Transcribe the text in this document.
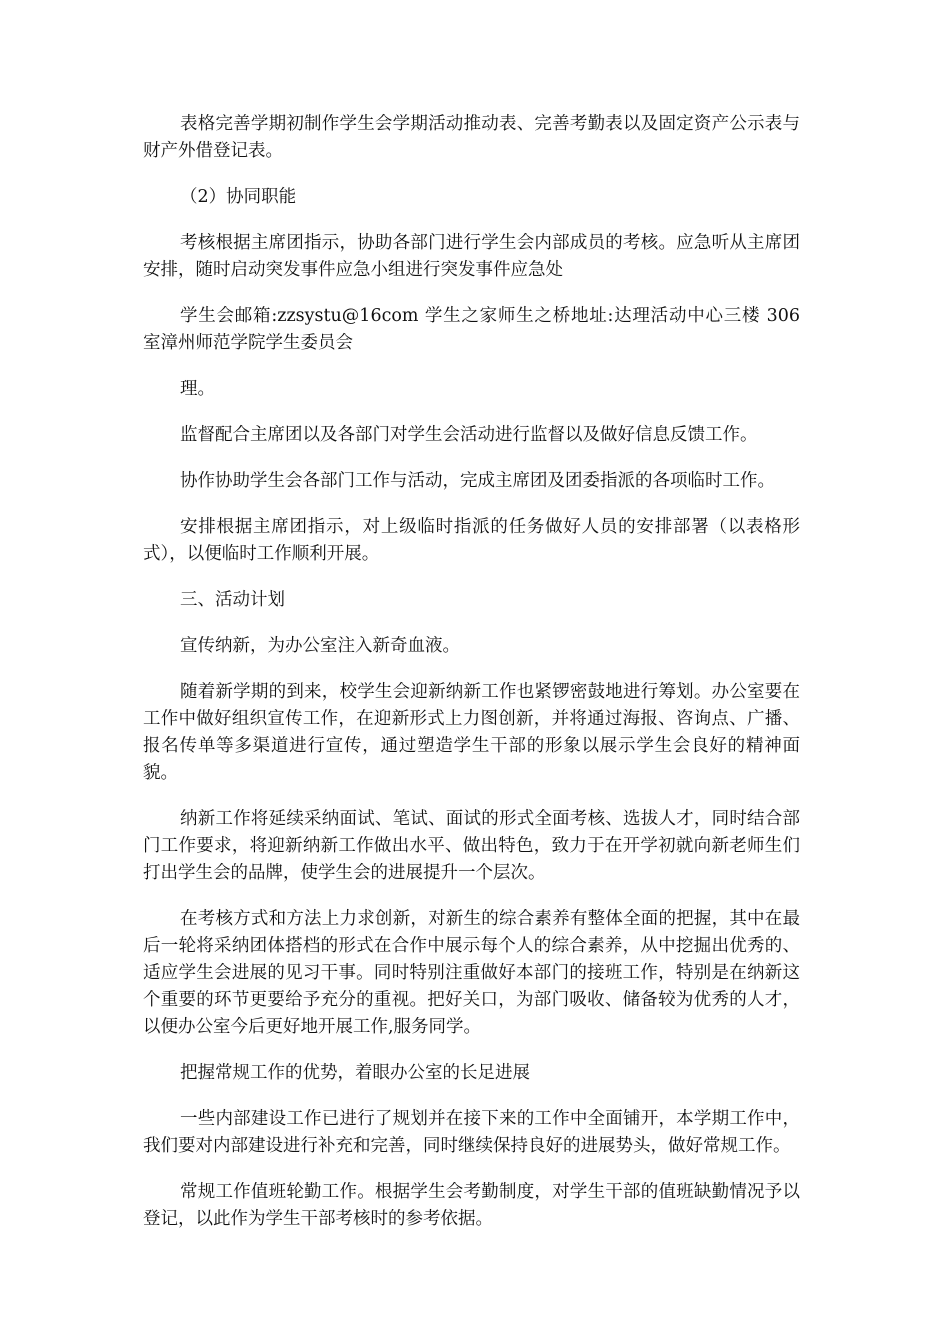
表格完善学期初制作学生会学期活动推动表、完善考勤表以及固定资产公示表与财产外借登记表。

（2）协同职能

考核根据主席团指示，协助各部门进行学生会内部成员的考核。应急听从主席团安排，随时启动突发事件应急小组进行突发事件应急处

学生会邮箱:zzsystu@16com 学生之家师生之桥地址:达理活动中心三楼 306 室漳州师范学院学生委员会

理。

监督配合主席团以及各部门对学生会活动进行监督以及做好信息反馈工作。

协作协助学生会各部门工作与活动，完成主席团及团委指派的各项临时工作。

安排根据主席团指示，对上级临时指派的任务做好人员的安排部署（以表格形式），以便临时工作顺利开展。

三、活动计划

宣传纳新，为办公室注入新奇血液。

随着新学期的到来，校学生会迎新纳新工作也紧锣密鼓地进行筹划。办公室要在工作中做好组织宣传工作，在迎新形式上力图创新，并将通过海报、咨询点、广播、报名传单等多渠道进行宣传，通过塑造学生干部的形象以展示学生会良好的精神面貌。

纳新工作将延续采纳面试、笔试、面试的形式全面考核、选拔人才，同时结合部门工作要求，将迎新纳新工作做出水平、做出特色，致力于在开学初就向新老师生们打出学生会的品牌，使学生会的进展提升一个层次。

在考核方式和方法上力求创新，对新生的综合素养有整体全面的把握，其中在最后一轮将采纳团体搭档的形式在合作中展示每个人的综合素养，从中挖掘出优秀的、适应学生会进展的见习干事。同时特别注重做好本部门的接班工作，特别是在纳新这个重要的环节更要给予充分的重视。把好关口，为部门吸收、储备较为优秀的人才，以便办公室今后更好地开展工作,服务同学。

把握常规工作的优势，着眼办公室的长足进展

一些内部建设工作已进行了规划并在接下来的工作中全面铺开，本学期工作中，我们要对内部建设进行补充和完善，同时继续保持良好的进展势头，做好常规工作。

常规工作值班轮勤工作。根据学生会考勤制度，对学生干部的值班缺勤情况予以登记，以此作为学生干部考核时的参考依据。
